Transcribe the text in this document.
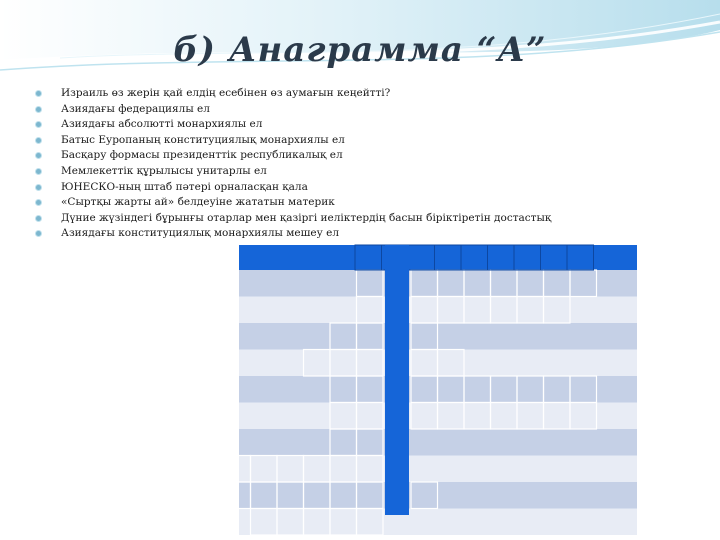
б) Анаграмма “А”
Израиль өз жерін қай елдің есебінен өз аумағын кеңейтті?
Азиядағы федерациялы ел
Азиядағы абсолютті монархиялы ел
Батыс Еуропаның конституциялық монархиялы ел
Басқару формасы президенттік республикалық ел
Мемлекеттік құрылысы унитарлы ел
ЮНЕСКО-ның штаб пәтері орналасқан қала
«Сыртқы жарты ай» белдеуіне жататын материк
Дүние жүзіндегі бұрынғы отарлар мен қазіргі иеліктердің басын біріктіретін достастық
Азиядағы конституциялық монархиялы мешеу ел
